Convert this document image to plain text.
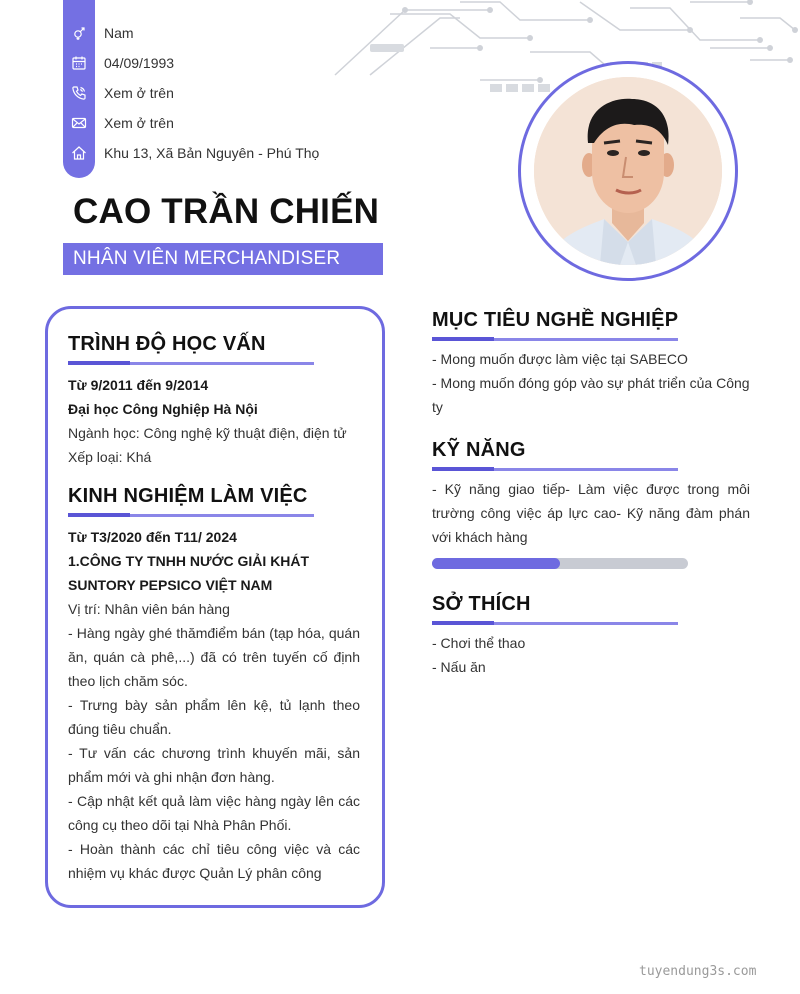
Nam
04/09/1993
Xem ở trên
Xem ở trên
Khu 13, Xã Bản Nguyên - Phú Thọ
CAO TRẦN CHIẾN
NHÂN VIÊN MERCHANDISER
TRÌNH ĐỘ HỌC VẤN
Từ 9/2011 đến 9/2014
Đại học Công Nghiệp Hà Nội
Ngành học: Công nghệ kỹ thuật điện, điện tử
Xếp loại: Khá
KINH NGHIỆM LÀM VIỆC
Từ T3/2020 đến T11/ 2024
1.CÔNG TY TNHH NƯỚC GIẢI KHÁT SUNTORY PEPSICO VIỆT NAM
Vị trí: Nhân viên bán hàng
- Hàng ngày ghé thămđiểm bán (tạp hóa, quán ăn, quán cà phê,...) đã có trên tuyến cố định theo lịch chăm sóc.
- Trưng bày sản phẩm lên kệ, tủ lạnh theo đúng tiêu chuẩn.
- Tư vấn các chương trình khuyến mãi, sản phẩm mới và ghi nhận đơn hàng.
- Cập nhật kết quả làm việc hàng ngày lên các công cụ theo dõi tại Nhà Phân Phối.
- Hoàn thành các chỉ tiêu công việc và các nhiệm vụ khác được Quản Lý phân công
MỤC TIÊU NGHỀ NGHIỆP
- Mong muốn được làm việc tại SABECO
- Mong muốn đóng góp vào sự phát triển của Công ty
KỸ NĂNG
- Kỹ năng giao tiếp- Làm việc được trong môi trường công việc áp lực cao- Kỹ năng đàm phán với khách hàng
SỞ THÍCH
- Chơi thể thao
- Nấu ăn
tuyendung3s.com
